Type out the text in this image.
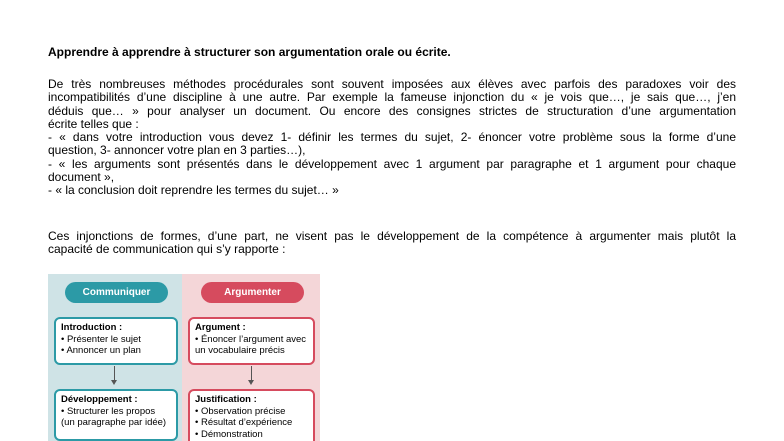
Apprendre à apprendre à structurer son argumentation orale ou écrite.
De très nombreuses méthodes procédurales sont souvent imposées aux élèves avec parfois des paradoxes voir des
incompatibilités d’une discipline à une autre. Par exemple la fameuse injonction du « je vois que…, je sais que…, j’en
déduis que… » pour analyser un document. Ou encore des consignes strictes de structuration d’une argumentation
écrite telles que :
- « dans votre introduction vous devez 1- définir les termes du sujet, 2- énoncer votre problème sous la forme d’une
question, 3- annoncer votre plan en 3 parties…),
- « les arguments sont présentés dans le développement avec 1 argument par paragraphe et 1 argument pour chaque
document »,
- « la conclusion doit reprendre les termes du sujet… »
Ces injonctions de formes, d’une part, ne visent pas le développement de la compétence à argumenter mais plutôt la
capacité de communication qui s’y rapporte :
Communiquer	Argumenter
Introduction :
• Présenter le sujet
• Annoncer un plan
Développement :
• Structurer les propos
(un paragraphe par idée)
Argument :
• Énoncer l’argument avec
un vocabulaire précis
Justification :
• Observation précise
• Résultat d’expérience
• Démonstration
